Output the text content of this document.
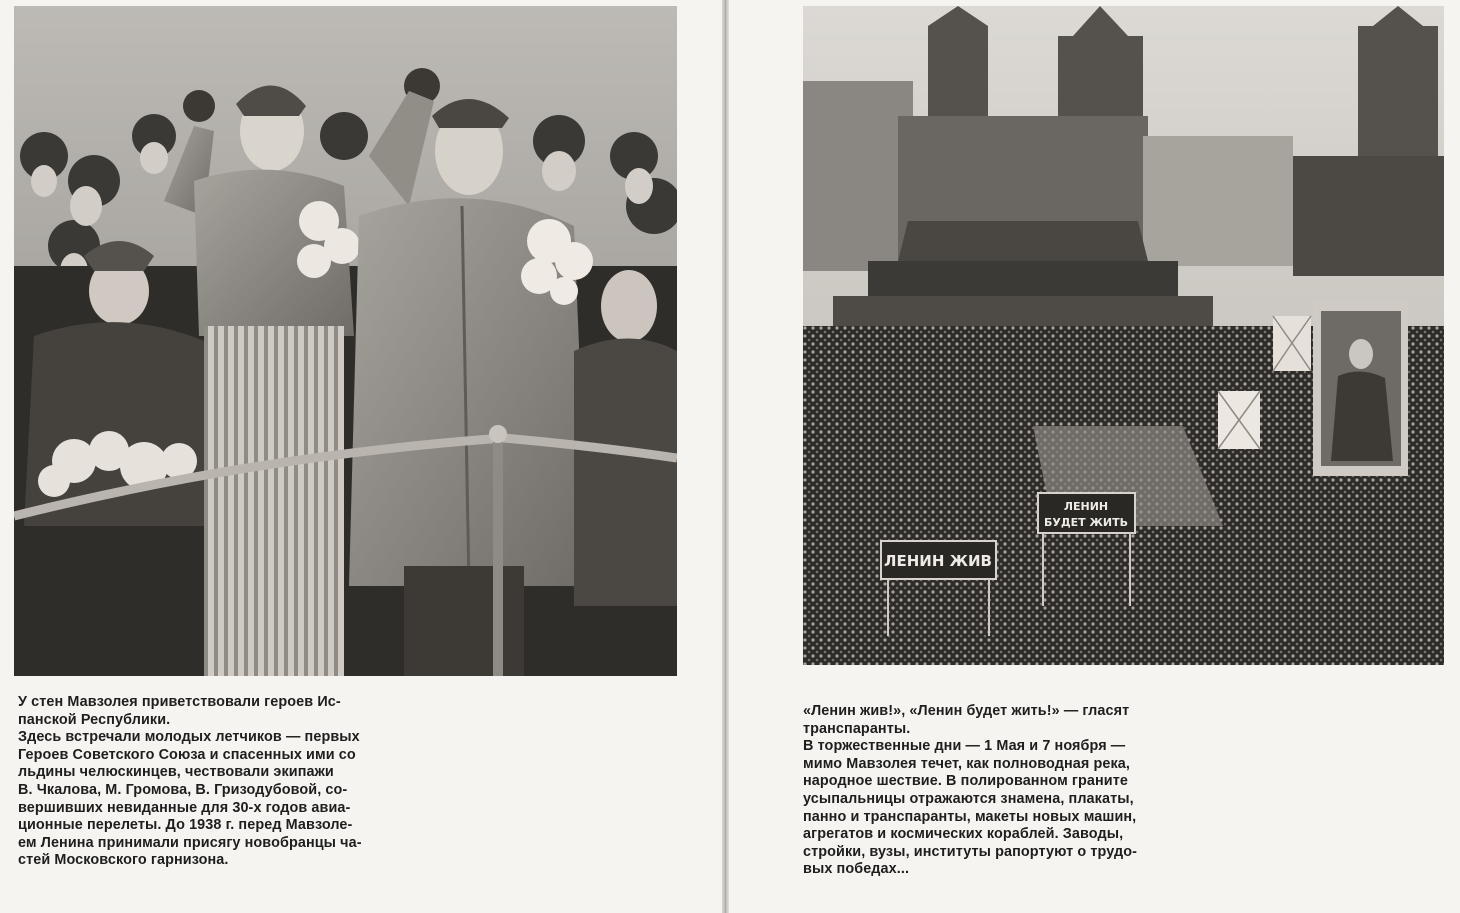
ЛЕНИН ЖИВ
ЛЕНИН
БУДЕТ ЖИТЬ

У стен Мавзолея приветствовали героев Ис-

панской Республики.

Здесь встречали молодых летчиков — первых

Героев Советского Союза и спасенных ими со

льдины челюскинцев, чествовали экипажи

В. Чкалова, М. Громова, В. Гризодубовой, со-

вершивших невиданные для 30-х годов авиа-

ционные перелеты. До 1938 г. перед Мавзоле-

ем Ленина принимали присягу новобранцы ча-

стей Московского гарнизона.

«Ленин жив!», «Ленин будет жить!» — гласят

транспаранты.

В торжественные дни — 1 Мая и 7 ноября —

мимо Мавзолея течет, как полноводная река,

народное шествие. В полированном граните

усыпальницы отражаются знамена, плакаты,

панно и транспаранты, макеты новых машин,

агрегатов и космических кораблей. Заводы,

стройки, вузы, институты рапортуют о трудо-

вых победах...
